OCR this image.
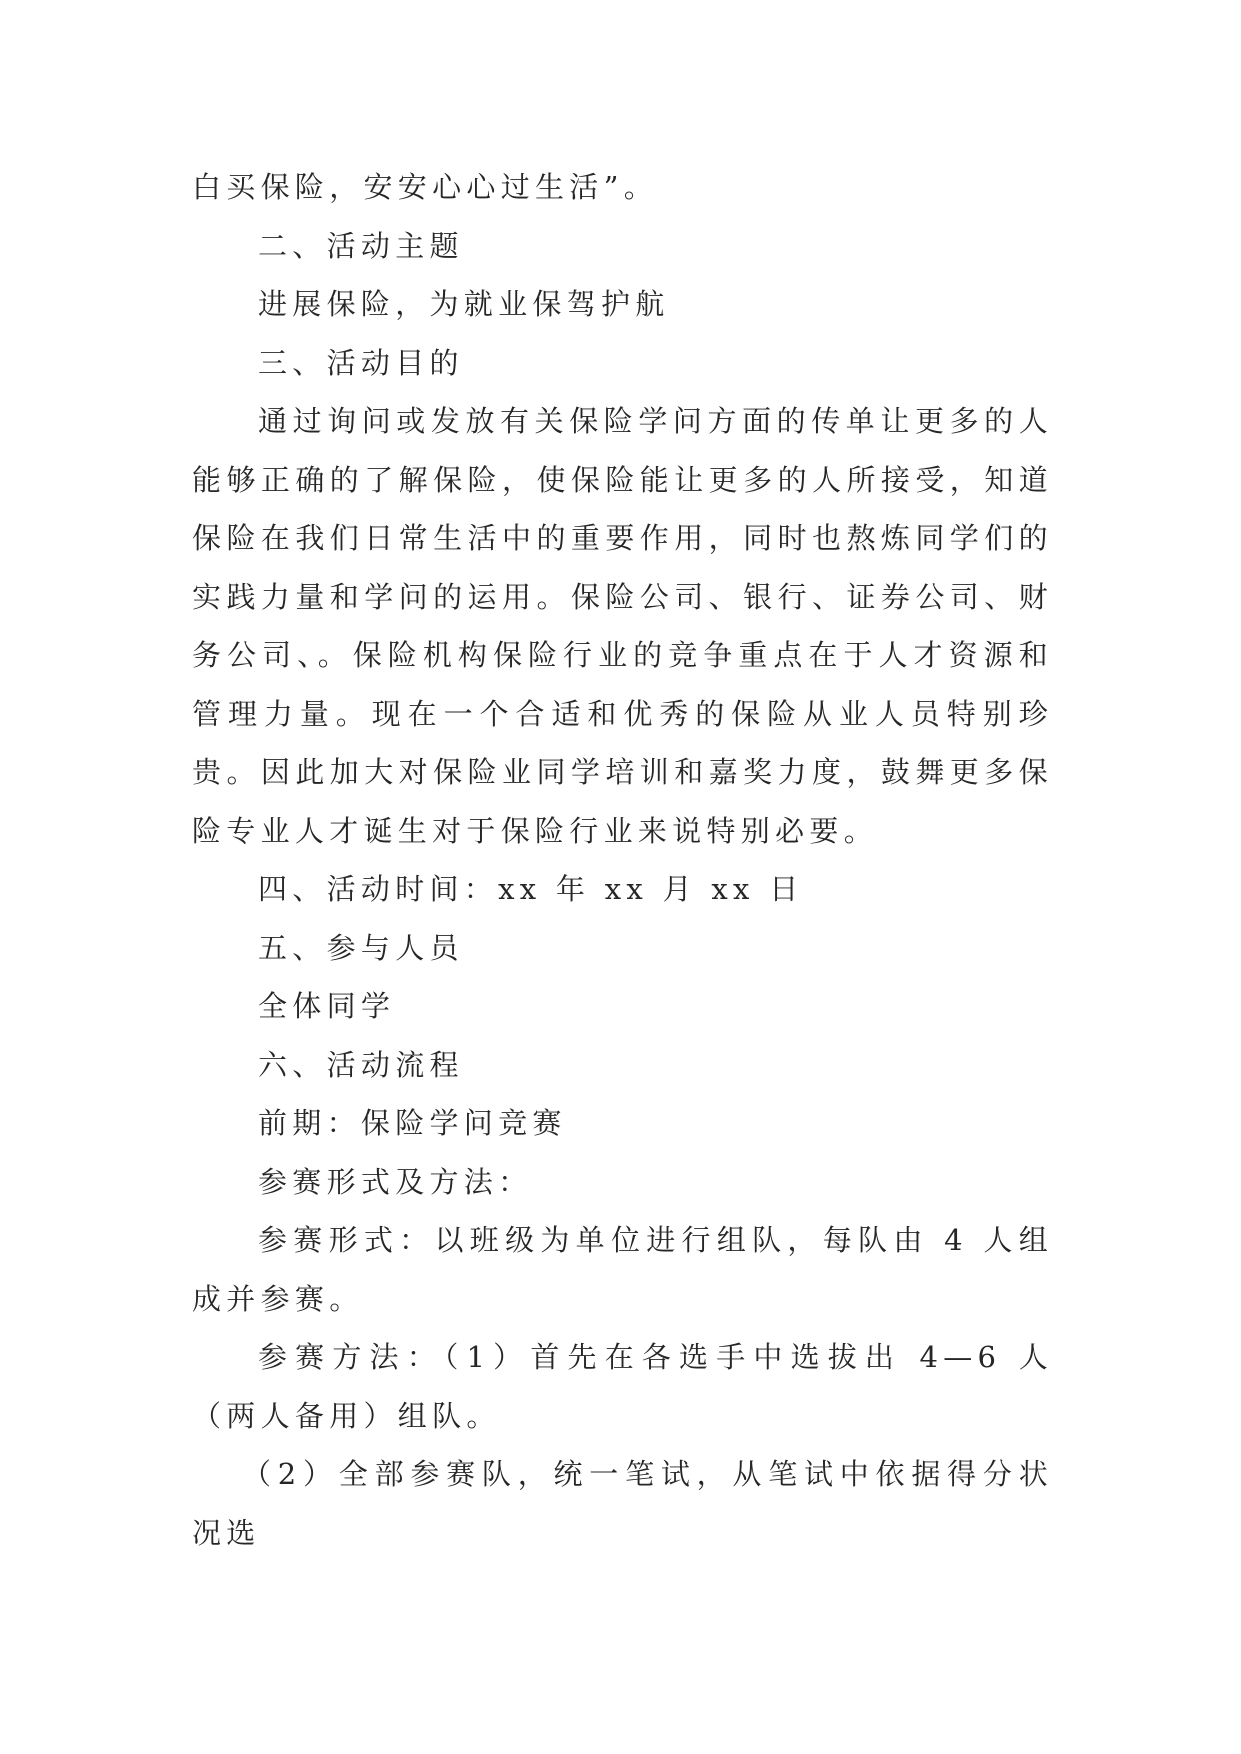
白买保险，安安心心过生活”。

二、活动主题

进展保险，为就业保驾护航

三、活动目的

通过询问或发放有关保险学问方面的传单让更多的人能够正确的了解保险，使保险能让更多的人所接受，知道保险在我们日常生活中的重要作用，同时也熬炼同学们的实践力量和学问的运用。保险公司、银行、证券公司、财务公司、。保险机构保险行业的竞争重点在于人才资源和管理力量。现在一个合适和优秀的保险从业人员特别珍贵。因此加大对保险业同学培训和嘉奖力度，鼓舞更多保险专业人才诞生对于保险行业来说特别必要。

四、活动时间：xx 年 xx 月 xx 日

五、参与人员

全体同学

六、活动流程

前期：保险学问竞赛

参赛形式及方法：

参赛形式：以班级为单位进行组队，每队由 4 人组成并参赛。

参赛方法：（1）首先在各选手中选拔出 4—6 人（两人备用）组队。

（2）全部参赛队，统一笔试，从笔试中依据得分状况选
